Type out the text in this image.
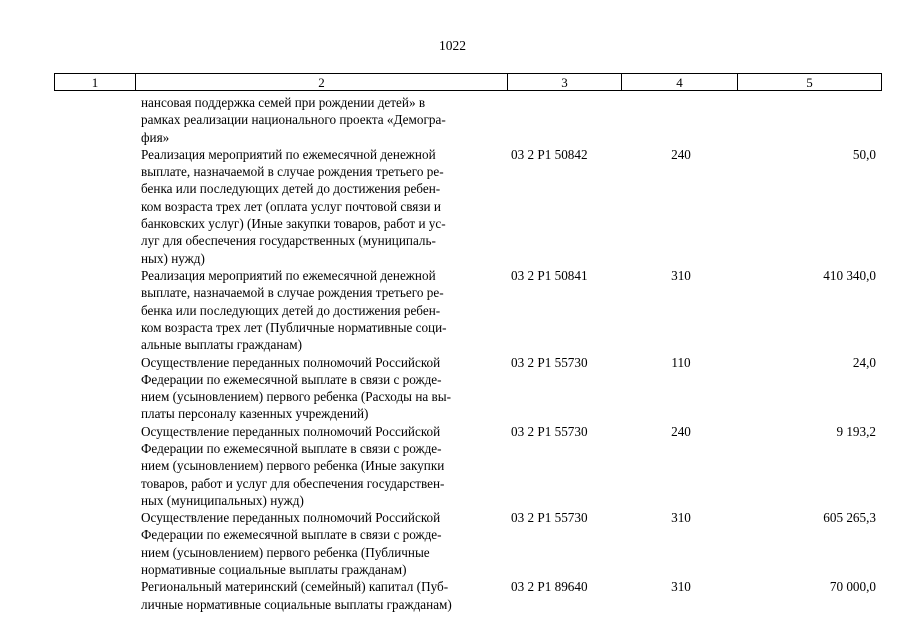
1022
1	2	3	4	5
нансовая поддержка семей при рождении детей» в
рамках реализации национального проекта «Демогра-
фия»
Реализация мероприятий по ежемесячной денежной
выплате, назначаемой в случае рождения третьего ре-
бенка или последующих детей до достижения ребен-
ком возраста трех лет (оплата услуг почтовой связи и
банковских услуг) (Иные закупки товаров, работ и ус-
луг для обеспечения государственных (муниципаль-
ных) нужд)
03 2 P1 50842	240	50,0
Реализация мероприятий по ежемесячной денежной
выплате, назначаемой в случае рождения третьего ре-
бенка или последующих детей до достижения ребен-
ком возраста трех лет (Публичные нормативные соци-
альные выплаты гражданам)
03 2 P1 50841	310	410 340,0
Осуществление переданных полномочий Российской
Федерации по ежемесячной выплате в связи с рожде-
нием (усыновлением) первого ребенка (Расходы на вы-
платы персоналу казенных учреждений)
03 2 P1 55730	110	24,0
Осуществление переданных полномочий Российской
Федерации по ежемесячной выплате в связи с рожде-
нием (усыновлением) первого ребенка (Иные закупки
товаров, работ и услуг для обеспечения государствен-
ных (муниципальных) нужд)
03 2 P1 55730	240	9 193,2
Осуществление переданных полномочий Российской
Федерации по ежемесячной выплате в связи с рожде-
нием (усыновлением) первого ребенка (Публичные
нормативные социальные выплаты гражданам)
03 2 P1 55730	310	605 265,3
Региональный материнский (семейный) капитал (Пуб-
личные нормативные социальные выплаты гражданам)
03 2 P1 89640	310	70 000,0
